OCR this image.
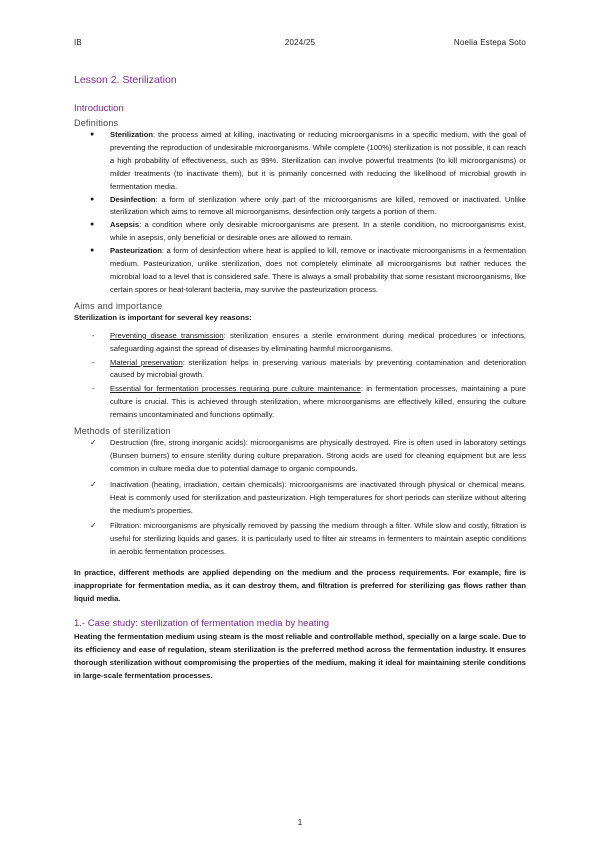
IB	2024/25	Noelia Estepa Soto
Lesson 2. Sterilization
Introduction
Definitions
● Sterilization: the process aimed at killing, inactivating or reducing microorganisms in a specific medium, with the goal of preventing the reproduction of undesirable microorganisms. While complete (100%) sterilization is not possible, it can reach a high probability of effectiveness, such as 99%. Sterilization can involve powerful treatments (to kill microorganisms) or milder treatments (to inactivate them), but it is primarily concerned with reducing the likelihood of microbial growth in fermentation media.
● Desinfection: a form of sterilization where only part of the microorganisms are killed, removed or inactivated. Unlike sterilization which aims to remove all microorganisms, desinfection only targets a portion of them.
● Asepsis: a condition where only desirable microorganisms are present. In a sterile condition, no microorganisms exist, while in asepsis, only beneficial or desirable ones are allowed to remain.
● Pasteurization: a form of desinfection where heat is applied to kill, remove or inactivate microorganisms in a fermentation medium. Pasteurization, unlike sterilization, does not completely eliminate all microorganisms but rather reduces the microbial load to a level that is considered safe. There is always a small probability that some resistant microorganisms, like certain spores or heat-tolerant bacteria, may survive the pasteurization process.
Aims and importance

Sterilization is important for several key reasons:

- Preventing disease transmission: sterilization ensures a sterile environment during medical procedures or infections, safeguarding against the spread of diseases by eliminating harmful microorganisms.
- Material preservation: sterilization helps in preserving various materials by preventing contamination and deterioration caused by microbial growth.
- Essential for fermentation processes requiring pure culture maintenance: in fermentation processes, maintaining a pure culture is crucial. This is achieved through sterilization, where microorganisms are effectively killed, ensuring the culture remains uncontaminated and functions optimally.
Methods of sterilization
✓ Destruction (fire, strong inorganic acids): microorganisms are physically destroyed. Fire is often used in laboratory settings (Bunsen burners) to ensure sterility during culture preparation. Strong acids are used for cleaning equipment but are less common in culture media due to potential damage to organic compounds.
✓ Inactivation (heating, irradiation, certain chemicals): microorganisms are inactivated through physical or chemical means. Heat is commonly used for sterilization and pasteurization. High temperatures for short periods can sterilize without altering the medium's properties.
✓ Filtration: microorganisms are physically removed by passing the medium through a filter. While slow and costly, filtration is useful for sterilizing liquids and gases. It is particularly used to filter air streams in fermenters to maintain aseptic conditions in aerobic fermentation processes.

In practice, different methods are applied depending on the medium and the process requirements. For example, fire is inappropriate for fermentation media, as it can destroy them, and filtration is preferred for sterilizing gas flows rather than liquid media.

1.- Case study: sterilization of fermentation media by heating

Heating the fermentation medium using steam is the most reliable and controllable method, specially on a large scale. Due to its efficiency and ease of regulation, steam sterilization is the preferred method across the fermentation industry. It ensures thorough sterilization without compromising the properties of the medium, making it ideal for maintaining sterile conditions in large-scale fermentation processes.

1
